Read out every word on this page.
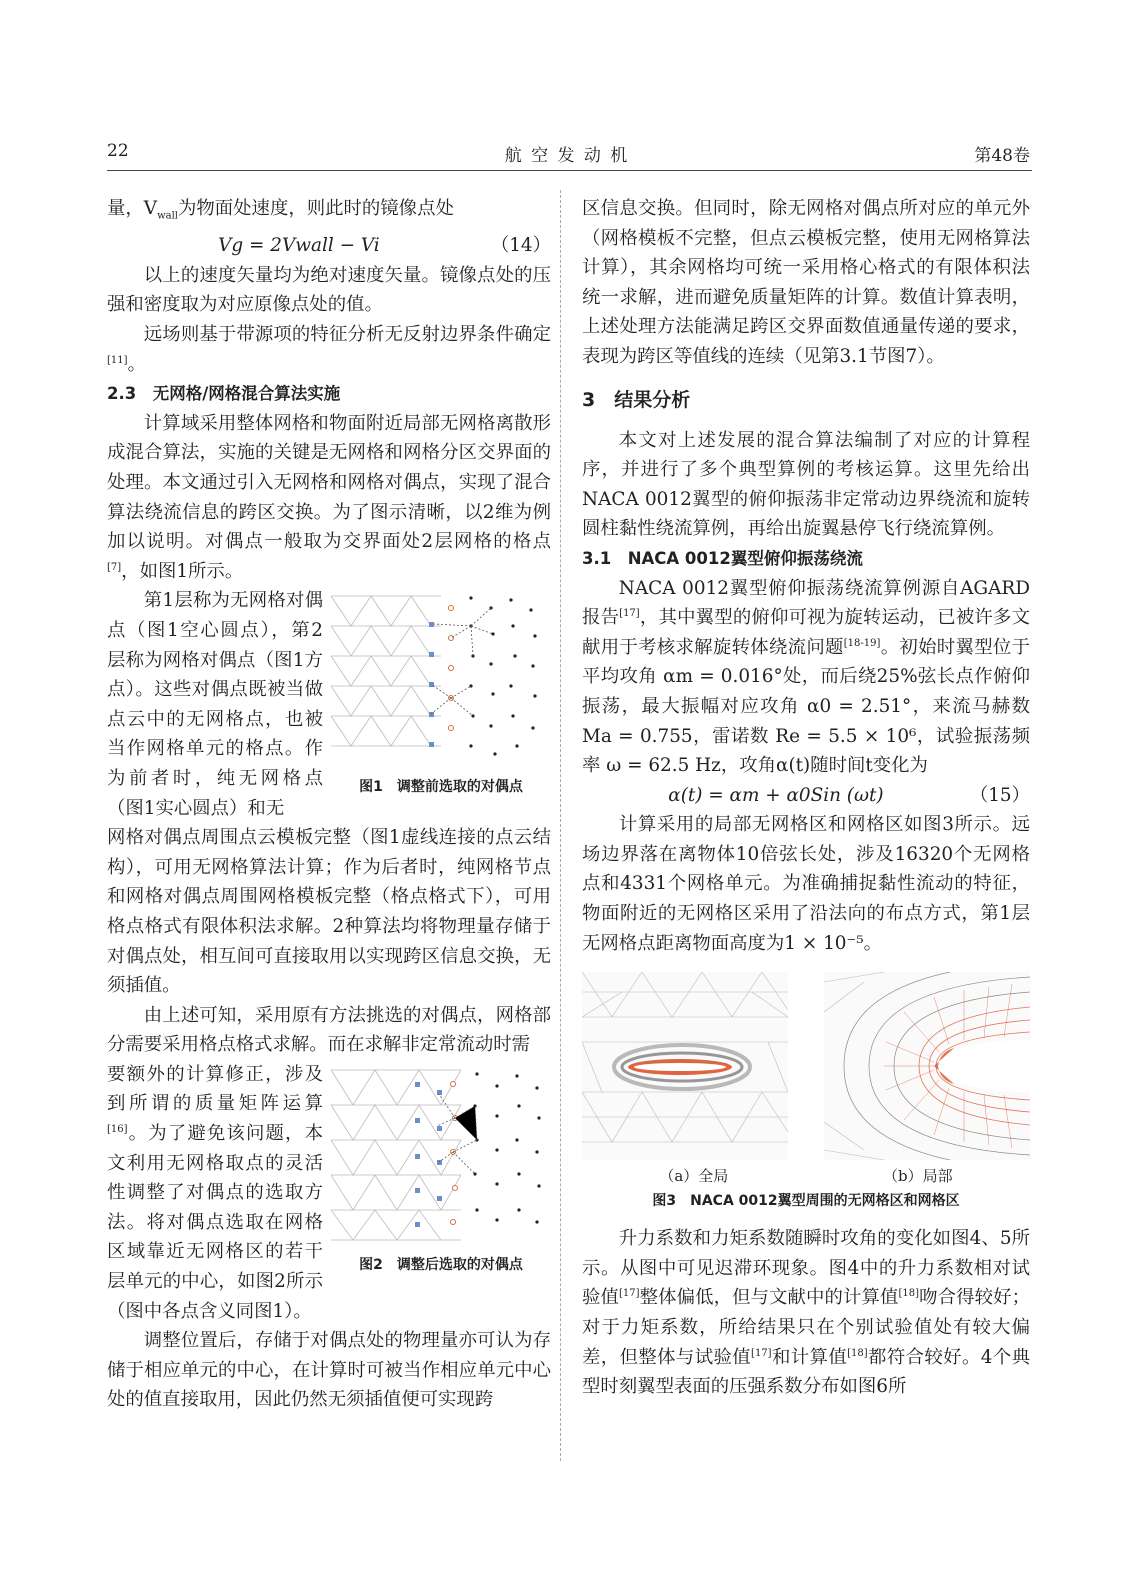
22	航 空 发 动 机	第48卷

量，$V_{wall}$为物面处速度，则此时的镜像点处

Vg = 2Vwall − Vi	（14）

以上的速度矢量均为绝对速度矢量。镜像点处的压强和密度取为对应原像点处的值。

远场则基于带源项的特征分析无反射边界条件确定[11]。

2.3　无网格/网格混合算法实施

计算域采用整体网格和物面附近局部无网格离散形成混合算法，实施的关键是无网格和网格分区交界面的处理。本文通过引入无网格和网格对偶点，实现了混合算法绕流信息的跨区交换。为了图示清晰，以2维为例加以说明。对偶点一般取为交界面处2层网格的格点[7]，如图1所示。

图1　调整前选取的对偶点

第1层称为无网格对偶点（图1空心圆点），第2层称为网格对偶点（图1方点）。这些对偶点既被当做点云中的无网格点，也被当作网格单元的格点。作为前者时，纯无网格点（图1实心圆点）和无

网格对偶点周围点云模板完整（图1虚线连接的点云结构），可用无网格算法计算；作为后者时，纯网格节点和网格对偶点周围网格模板完整（格点格式下），可用格点格式有限体积法求解。2种算法均将物理量存储于对偶点处，相互间可直接取用以实现跨区信息交换，无须插值。

由上述可知，采用原有方法挑选的对偶点，网格部分需要采用格点格式求解。而在求解非定常流动时需

图2　调整后选取的对偶点

要额外的计算修正，涉及到所谓的质量矩阵运算[16]。为了避免该问题，本文利用无网格取点的灵活性调整了对偶点的选取方法。将对偶点选取在网格区域靠近无网格区的若干层单元的中心，如图2所示（图中各点含义同图1）。

调整位置后，存储于对偶点处的物理量亦可认为存储于相应单元的中心，在计算时可被当作相应单元中心处的值直接取用，因此仍然无须插值便可实现跨

区信息交换。但同时，除无网格对偶点所对应的单元外（网格模板不完整，但点云模板完整，使用无网格算法计算），其余网格均可统一采用格心格式的有限体积法统一求解，进而避免质量矩阵的计算。数值计算表明，上述处理方法能满足跨区交界面数值通量传递的要求，表现为跨区等值线的连续（见第3.1节图7）。

3　结果分析

本文对上述发展的混合算法编制了对应的计算程序，并进行了多个典型算例的考核运算。这里先给出NACA 0012翼型的俯仰振荡非定常动边界绕流和旋转圆柱黏性绕流算例，再给出旋翼悬停飞行绕流算例。

3.1　NACA 0012翼型俯仰振荡绕流

NACA 0012翼型俯仰振荡绕流算例源自AGARD报告[17]，其中翼型的俯仰可视为旋转运动，已被许多文献用于考核求解旋转体绕流问题[18-19]。初始时翼型位于平均攻角 αm = 0.016°处，而后绕25%弦长点作俯仰振荡，最大振幅对应攻角 α0 = 2.51°，来流马赫数 Ma = 0.755，雷诺数 Re = 5.5 × 10⁶，试验振荡频率 ω = 62.5 Hz，攻角α(t)随时间t变化为

α(t) = αm + α0Sin (ωt)	（15）

计算采用的局部无网格区和网格区如图3所示。远场边界落在离物体10倍弦长处，涉及16320个无网格点和4331个网格单元。为准确捕捉黏性流动的特征，物面附近的无网格区采用了沿法向的布点方式，第1层无网格点距离物面高度为1 × 10⁻⁵。

（a）全局	（b）局部
图3　NACA 0012翼型周围的无网格区和网格区

升力系数和力矩系数随瞬时攻角的变化如图4、5所示。从图中可见迟滞环现象。图4中的升力系数相对试验值[17]整体偏低，但与文献中的计算值[18]吻合得较好；对于力矩系数，所给结果只在个别试验值处有较大偏差，但整体与试验值[17]和计算值[18]都符合较好。4个典型时刻翼型表面的压强系数分布如图6所
